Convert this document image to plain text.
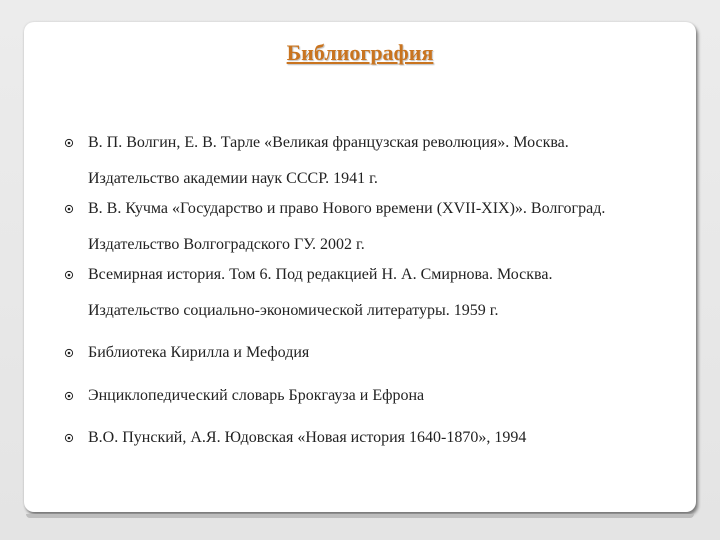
Библиография
В. П. Волгин, Е. В. Тарле «Великая французская революция». Москва.
Издательство академии наук СССР. 1941 г.
В. В. Кучма «Государство и право Нового времени (XVII-XIX)». Волгоград.
Издательство Волгоградского ГУ. 2002 г.
Всемирная история. Том 6. Под редакцией Н. А. Смирнова. Москва.
Издательство социально-экономической литературы. 1959 г.
Библиотека Кирилла и Мефодия
Энциклопедический словарь Брокгауза и Ефрона
В.О. Пунский, А.Я. Юдовская «Новая история 1640-1870», 1994
